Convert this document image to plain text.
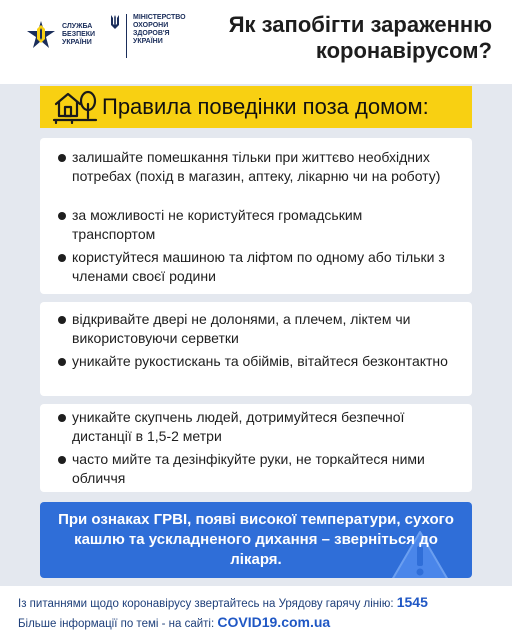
СЛУЖБА БЕЗПЕКИ УКРАЇНИ
МІНІСТЕРСТВО ОХОРОНИ ЗДОРОВ'Я УКРАЇНИ
Як запобігти зараженню коронавірусом?
Правила поведінки поза домом:
залишайте помешкання тільки при життєво необхідних потребах (похід в магазин, аптеку, лікарню чи на роботу)
за можливості не користуйтеся громадським транспортом
користуйтеся машиною та ліфтом по одному або тільки з членами своєї родини
відкривайте двері не долонями, а плечем, ліктем чи використовуючи серветки
уникайте рукостискань та обіймів, вітайтеся безконтактно
уникайте скупчень людей, дотримуйтеся безпечної дистанції в 1,5-2 метри
часто мийте та дезінфікуйте руки, не торкайтеся ними обличчя
При ознаках ГРВІ, появі високої температури, сухого кашлю та ускладненого дихання – зверніться до лікаря.
Із питаннями щодо коронавірусу звертайтесь на Урядову гарячу лінію: 1545
Більше інформації по темі - на сайті: COVID19.com.ua
